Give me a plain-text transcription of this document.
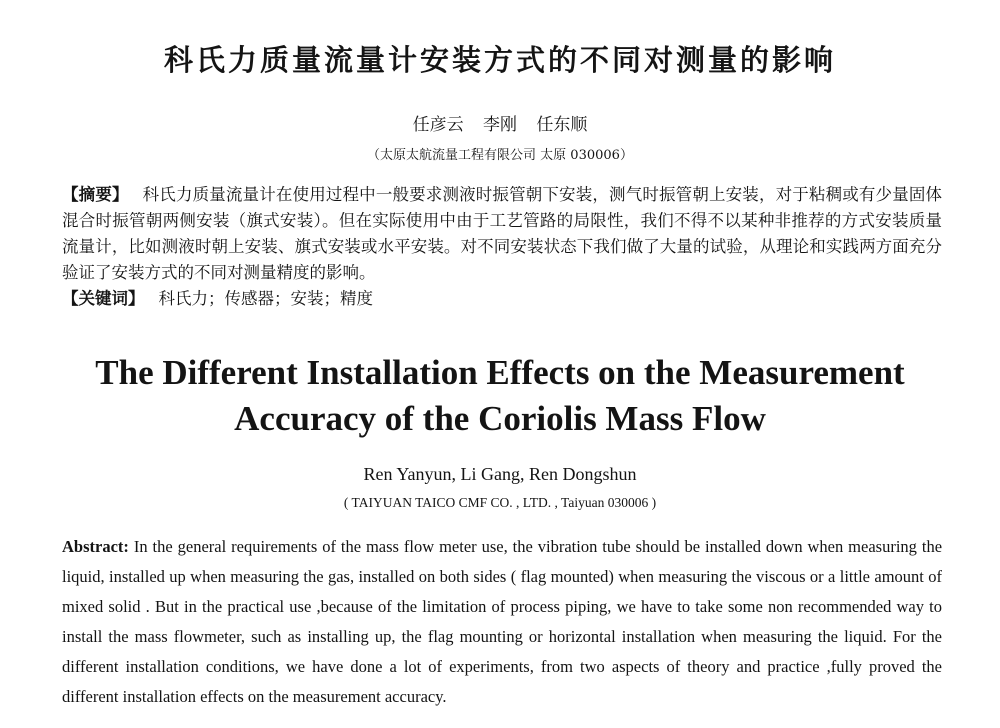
科氏力质量流量计安装方式的不同对测量的影响
任彦云 李刚 任东顺
（太原太航流量工程有限公司 太原 030006）

【摘要】 科氏力质量流量计在使用过程中一般要求测液时振管朝下安装，测气时振管朝上安装，对于粘稠或有少量固体混合时振管朝两侧安装（旗式安装）。但在实际使用中由于工艺管路的局限性，我们不得不以某种非推荐的方式安装质量流量计，比如测液时朝上安装、旗式安装或水平安装。对不同安装状态下我们做了大量的试验，从理论和实践两方面充分验证了安装方式的不同对测量精度的影响。

【关键词】 科氏力；传感器；安装；精度

The Different Installation Effects on the Measurement
Accuracy of the Coriolis Mass Flow
Ren Yanyun, Li Gang, Ren Dongshun
( TAIYUAN TAICO CMF CO. , LTD. , Taiyuan 030006 )
Abstract: In the general requirements of the mass flow meter use, the vibration tube should be installed down when measuring the liquid, installed up when measuring the gas, installed on both sides ( flag mounted) when measuring the viscous or a little amount of mixed solid . But in the practical use ,because of the limitation of process piping, we have to take some non recommended way to install the mass flowmeter, such as installing up, the flag mounting or horizontal installation when measuring the liquid. For the different installation conditions, we have done a lot of experiments, from two aspects of theory and practice ,fully proved the different installation effects on the measurement accuracy.
